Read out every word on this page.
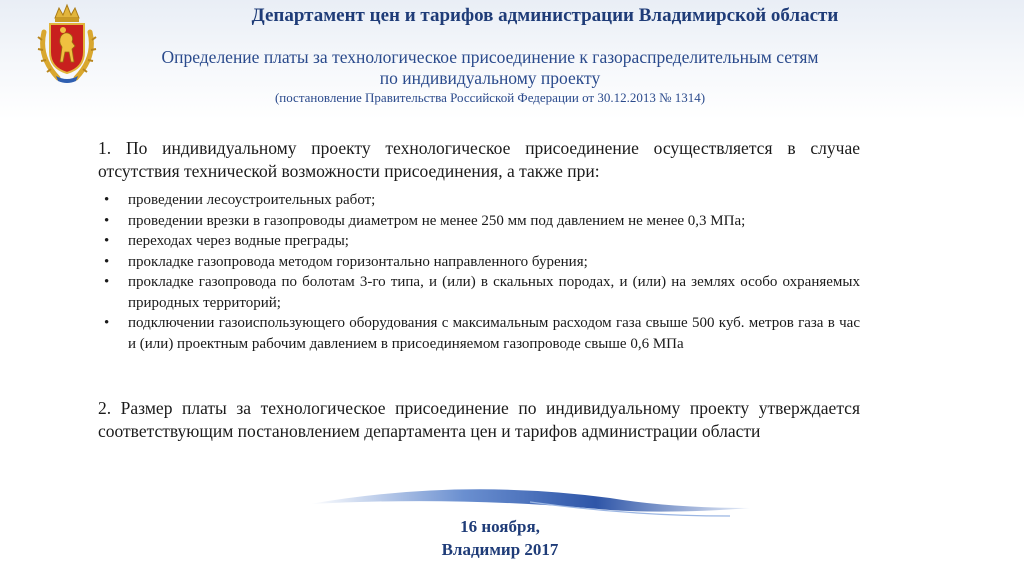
Департамент цен и тарифов администрации Владимирской области
Определение платы за технологическое присоединение к газораспределительным сетям
по индивидуальному проекту
(постановление Правительства Российской Федерации от 30.12.2013 № 1314)
1. По индивидуальному проекту технологическое присоединение осуществляется в случае отсутствия технической возможности присоединения, а также при:
• проведении лесоустроительных работ;
• проведении врезки в газопроводы диаметром не менее 250 мм под давлением не менее 0,3 МПа;
• переходах через водные преграды;
• прокладке газопровода методом горизонтально направленного бурения;
• прокладке газопровода по болотам 3-го типа, и (или) в скальных породах, и (или) на землях особо охраняемых природных территорий;
• подключении газоиспользующего оборудования с максимальным расходом газа свыше 500 куб. метров газа в час и (или) проектным рабочим давлением в присоединяемом газопроводе свыше 0,6 МПа
2. Размер платы за технологическое присоединение по индивидуальному проекту утверждается соответствующим постановлением департамента цен и тарифов администрации области
16 ноября,
Владимир 2017
